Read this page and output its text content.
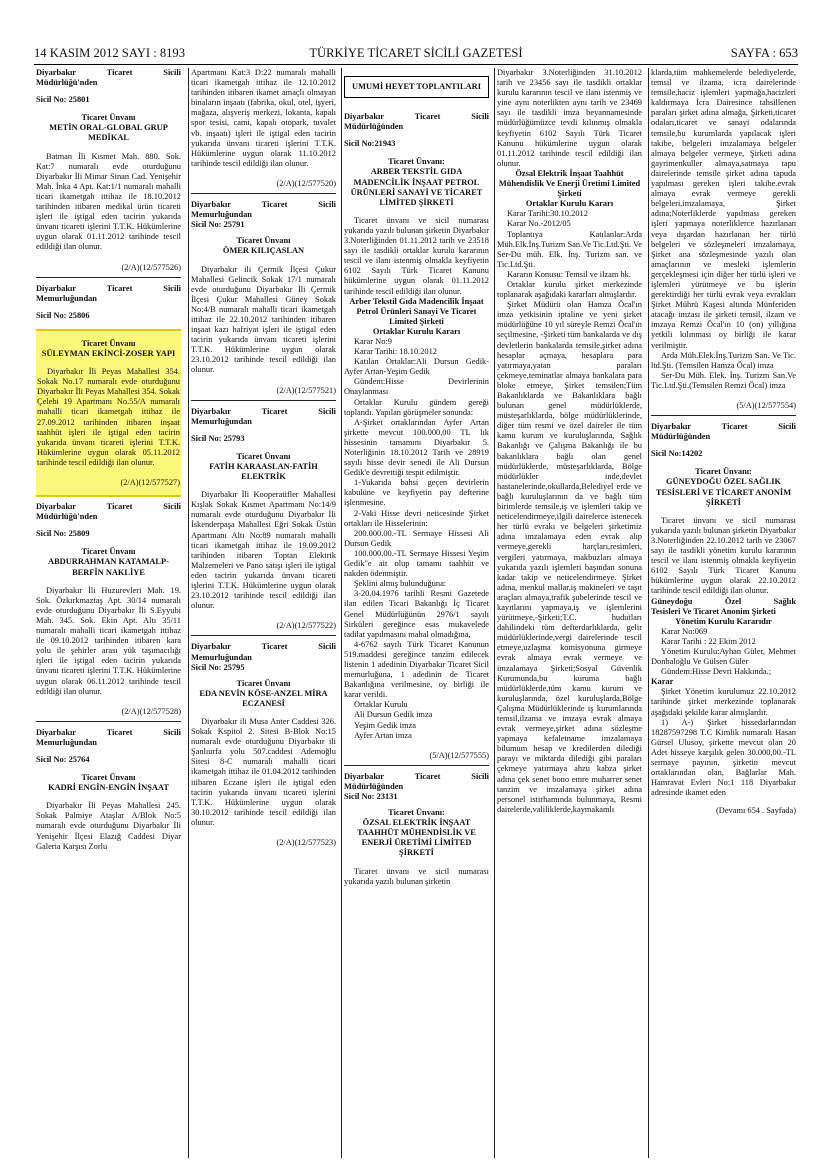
14 KASIM 2012 SAYI : 8193	TÜRKİYE TİCARET SİCİLİ GAZETESİ	SAYFA : 653
Diyarbakır Ticaret Sicili
Müdürlüğü'nden
Sicil No: 25801
Ticaret Ünvanı
METİN ORAL-GLOBAL GRUP MEDİKAL
Batman İli Kısmet Mah. 880. Sok. Kat:7 numaralı evde oturduğunu Diyarbakır İli Mimar Sinan Cad. Yenişehir Mah. İnka 4 Apt. Kat:1/1 numaralı mahalli ticari ikametgah ittihaz ile 18.10.2012 tarihinden itibaren medikal ürün ticareti işleri ile iştigal eden tacirin yukarıda ünvanı ticareti işlerini T.T.K. Hükümlerine uygun olarak 01.11.2012 tarihinde tescil edildiği ilan olunur.
(2/A)(12/577526)
Diyarbakır Ticaret Sicili
Memurluğundan
Sicil No: 25806
Ticaret Ünvanı
SÜLEYMAN EKİNCİ-ZOSER YAPI
Diyarbakır İli Peyas Mahallesi 354. Sokak No.17 numaralı evde oturduğunu Diyarbakır İli Peyas Mahallesi 354. Sokak Çelebi 19 Apartmanı No.55/A numaralı mahalli ticari ikametgah ittihaz ile 27.09.2012 tarihinden itibaren inşaat taahhüt işleri ile iştigal eden tacirin yukarıda ünvanı ticareti işlerini T.T.K. Hükümlerine uygun olarak 05.11.2012 tarihinde tescil edildiği ilan olunur.
(2/A)(12/577527)
Diyarbakır Ticaret Sicili
Müdürlüğü'nden
Sicil No: 25809
Ticaret Ünvanı
ABDURRAHMAN KATAMALP-BERFİN NAKLİYE
Diyarbakır İli Huzurevleri Mah. 19. Sok. Özkırkmaztaş Apt. 30/14 numaralı evde oturduğunu Diyarbakır İli S.Eyyubi Mah. 345. Sok. Ekin Apt. Altı 35/11 numaralı mahalli ticari ikametgah ittihaz ile 09.10.2012 tarihinden itibaren kara yolu ile şehirler arası yük taşımacılığı işleri ile iştigal eden tacirin yukarıda ünvanı ticareti işlerini T.T.K. Hükümlerine uygun olarak 06.11.2012 tarihinde tescil edildiği ilan olunur.
(2/A)(12/577528)
Diyarbakır Ticaret Sicili
Memurluğundan
Sicil No: 25764
Ticaret Ünvanı
KADRİ ENGİN-ENGİN İNŞAAT
Diyarbakır İli Peyas Mahallesi 245. Sokak Palmiye Ataşlar A/Blok No:5 numaralı evde oturduğunu Diyarbakır İli Yenişehir İlçesi Elazığ Caddesi Diyar Galeria Karşısı Zorlu
Apartmanı Kat:3 D:22 numaralı mahalli ticari ikametgah ittihaz ile 12.10.2012 tarihinden itibaren ikamet amaçlı olmayan binaların inşaatı (fabrika, okul, otel, işyeri, mağaza, alışveriş merkezi, lokanta, kapalı spor tesisi, cami, kapalı otopark, tuvalet vb. inşaatı) işleri ile iştigal eden tacirin yukarıda ünvanı ticareti işlerini T.T.K. Hükümlerine uygun olarak 11.10.2012 tarihinde tescil edildiği ilan olunur.
(2/A)(12/577520)
Diyarbakır Ticaret Sicili
Memurluğundan
Sicil No: 25791
Ticaret Ünvanı
ÖMER KILIÇASLAN
Diyarbakır ili Çermik İlçesi Çukur Mahallesi Gelincik Sokak 17/1 numaralı evde oturduğunu Diyarbakır İli Çermik İlçesi Çukur Mahallesi Güney Sokak No:4/B numaralı mahalli ticari ikametgah ittihaz ile 22.10.2012 tarihinden itibaren inşaat kazı hafriyat işleri ile iştigal eden tacirin yukarıda ünvanı ticareti işlerini T.T.K. Hükümlerine uygun olarak 23.10.2012 tarihinde tescil edildiği ilan olunur.
(2/A)(12/577521)
Diyarbakır Ticaret Sicili
Memurluğundan
Sicil No: 25793
Ticaret Ünvanı
FATİH KARAASLAN-FATİH ELEKTRİK
Diyarbakır İli Kooperatifler Mahallesi Kışlak Sokak Kısmet Apartmanı No:14/9 numaralı evde oturduğunu Diyarbakır İli İskenderpaşa Mahallesi Eğri Sokak Üstün Apartmanı Altı No:89 numaralı mahalli ticari ikametgah ittihaz ile 19.09.2012 tarihinden itibaren Toptan Elektrik Malzemeleri ve Pano satışı işleri ile iştigal eden tacirin yukarıda ünvanı ticareti işlerini T.T.K. Hükümlerine uygun olarak 23.10.2012 tarihinde tescil edildiği ilan olunur.
(2/A)(12/577522)
Diyarbakır Ticaret Sicili
Memurluğundan
Sicil No: 25795
Ticaret Ünvanı
EDA NEVİN KÖSE-ANZEL MİRA ECZANESİ
Diyarbakır ili Musa Anter Caddesi 326. Sokak Kspitol 2. Sitesi B-Blok No:15 numaralı evde oturduğunu Diyarbakır ili Şanlıurfa yolu 507.caddesi Ademoğlu Sitesi 8-C numaralı mahalli ticari ikametgah ittihaz ile 01.04.2012 tarihinden itibaren Eczane işleri ile iştigal eden tacirin yukarıda ünvanı ticareti işlerini T.T.K. Hükümlerine uygun olarak 30.10.2012 tarihinde tescil edildiği ilan olunur.
(2/A)(12/577523)
UMUMİ HEYET TOPLANTILARI
Diyarbakır Ticaret Sicili
Müdürlüğünden
Sicil No:21943
Ticaret Ünvanı:
ARBER TEKSTİL GIDA MADENCİLİK İNŞAAT PETROL ÜRÜNLERİ SANAYİ VE TİCARET LİMİTED ŞİRKETİ
Ticaret ünvanı ve sicil numarası yukarıda yazılı bulunan şirketin Diyarbakır 3.Noterliğinden 01.11.2012 tarih ve 23518 sayı ile tasdikli ortaklar kurulu kararının tescil ve ilanı istenmiş olmakla keyfiyetin 6102 Sayılı Türk Ticaret Kanunu hükümlerine uygun olarak 01.11.2012 tarihinde tescil edildiği ilan olunur.
Arber Tekstil Gıda Madencilik İnşaat Petrol Ürünleri Sanayi Ve Ticaret Limited Şirketi
Ortaklar Kurulu Kararı
Karar No:9
Karar Tarihi: 18.10.2012
Katılan Ortaklar:Ali Dursun Gedik-Ayfer Artan-Yeşim Gedik
Gündem:Hisse Devirlerinin Onaylanması
Ortaklar Kurulu gündem gereği toplandı. Yapılan görüşmeler sonunda:
A-Şirket ortaklarından Ayfer Artan şirkette mevcut 100.000,00 TL lık hissesinin tamamını Diyarbakır 5. Noterliğinin 18.10.2012 Tarih ve 28919 sayılı hisse devir senedi ile Ali Dursun Gedik'e devrettiği tespit edilmiştir.
1-Yukarıda bahsi geçen devirlerin kabulüne ve keyfiyetin pay defterine işlenmesine.
2-Vaki Hisse devri neticesinde Şirket ortakları ile Hisselerinin:
200.000.00.-TL Sermaye Hissesi Ali Dursun Gedik
100.000.00.-TL Sermaye Hissesi Yeşim Gedik"e ait olup tamamı taahhüt ve nakden ödenmiştir.
Şeklini almış bulunduğuna:
3-20.04.1976 tarihli Resmi Gazetede ilan edilen Ticari Bakanlığı İç Ticaret Genel Müdürlüğünün 2976/1 sayılı Sirküleri gereğince esas mukavelede tadilat yapılmasını mahal olmadığına,
4-6762 sayılı Türk Ticaret Kanunun 519.maddesi gereğince tanzim edilecek listenin 1 adedinin Diyarbakır Ticaret Sicil memurluğuna, 1 adedinin de Ticaret Bakanlığına verilmesine, oy birliği ile karar verildi.
Ortaklar Kurulu
Ali Dursun Gedik imza
Yeşim Gedik imza
Ayfer Artan imza
(5/A)(12/577555)
Diyarbakır Ticaret Sicili
Müdürlüğünden
Sicil No: 23131
Ticaret Ünvanı:
ÖZSAL ELEKTRİK İNŞAAT TAAHHÜT MÜHENDİSLİK VE ENERJİ ÜRETİMİ LİMİTED ŞİRKETİ
Ticaret ünvanı ve sicil numarası yukarıda yazılı bulunan şirketin
Diyarbakır 3.Noterliğinden 31.10.2012 tarih ve 23456 sayı ile tasdikli ortaklar kurulu kararının tescil ve ilanı istenmiş ve yine aynı noterlikten aynı tarih ve 23469 sayı ile tasdikli imza beyannamesinde müdürlüğümüzce tevdi kılınmış olmakla keyfiyetin 6102 Sayılı Türk Ticaret Kanunu hükümlerine uygun olarak 01.11.2012 tarihinde tescil edildiği ilan olunur.
Özsal Elektrik İnşaat Taahhüt Mühendislik Ve Enerji Üretimi Limited Şirketi
Ortaklar Kurulu Kararı
Karar Tarihi:30.10.2012
Karar No.-2012/05
Toplantıya Katılanlar:Arda Müh.Elk.İnş.Turizm San.Ve Tic.Ltd.Şti. Ve Ser-Du müh. Elk. İnş. Turizm san. ve Tic.Ltd.Şti.
Kararın Konusu: Temsil ve ilzam hk.
Ortaklar kurulu şirket merkezinde toplanarak aşağıdaki kararları almışlardır.
Şirket Müdürü olan Hamza Öcal'ın imza yetkisinin iptaline ve yeni şirket müdürlüğüne 10 yıl süreyle Remzi Öcal'ın seçilmesine, -Şirketi tüm bankalarda ve dış devletlerin bankalarda temsile,şirket adına hesaplar açmaya, hesaplara para yatırmaya,yatan paraları çekmeye,teminatlar almaya bankalara para bloke etmeye, Şirket temsilen;Tüm Bakanlıklarda ve Bakanlıklara bağlı bulunan genel müdürlüklerde, müsteşarlıklarda, bölge müdürlüklerinde, diğer tüm resmi ve özel daireler ile tüm kamu kurum ve kuruluşlarında, Sağlık Bakanlığı ve Çalışma Bakanlığı ile bu bakanlıklara bağlı olan genel müdürlüklerde, müsteşarlıklarda, Bölge müdürlükler inde,devlet hastanelerinde,okullarda,Belediyel erde ve bağlı kuruluşlarının da ve bağlı tüm birimlerde temsile,iş ve işlemleri takip ve neticelendirmeye,ilgili dairelerce istenecek her türlü evrakı ve belgeleri şirketimiz adına imzalamaya eden evrak alıp vermeye,gerekli harçları,resimleri, vergileri yatırmaya, makbuzları almaya yukarıda yazılı işlemleri başından sonuna kadar takip ve neticelendirmeye. Şirket adına, menkul mallar,iş makineleri ve taşıt araçları almaya,trafik şubelerinde tescil ve kayıtlarını yapmaya,iş ve işlemlerini yürütmeye,-Şirketi;T.C. hudutları dahilindeki tüm defterdarlıklarda, gelir müdürlüklerinde,vergi dairelerinde tescil etmeye,uzlaşma komisyonuna girmeye evrak almaya evrak vermeye ve imzalamaya Şirketi;Sosyal Güvenlik Kurumunda,bu kuruma bağlı müdürlüklerde,tüm kamu kurum ve kuruluşlarında, özel kuruluşlarda,Bölge Çalışma Müdürlüklerinde iş kurumlarında temsil,ilzama ve imzaya evrak almaya evrak vermeye,şirket adına sözleşme yapmaya kefaletname imzalamaya bilumum hesap ve kredilerden dilediği parayı ve miktarda dilediği gibi paraları çekmeye yatırmaya ahzu kabza şirket adına çek senet bono emre muharrer senet tanzim ve imzalamaya şirket adına personel istirhamında bulunmaya, Resmi dairelerde,valiliklerde,kaymakamlı
klarda,tüm mahkemelerde belediyelerde, temsil ve ilzama, icra dairelerinde temsile,haciz işlemleri yapmağa,hacizleri kaldırmaya İcra Dairesince tahsillenen paraları şirket adına almağa, Şirketi,ticaret odaları,ticaret ve sanayi odalarında temsile,bu kurumlarda yapılacak işleri takibe, belgeleri imzalamaya belgeler almaya belgeler vermeye, Şirketi adına gayrimenkuller almaya,satmaya tapu dairelerinde temsile şirket adına tapuda yapılması gereken işleri takibe.evrak almaya evrak vermeye gerekli belgeleri,imzalamaya, Şirket adına;Noterliklerde yapılması gereken işleri yapmaya noterliklerce hazırlanan veya dışardan hazırlanan her türlü belgeleri ve sözleşmeleri imzalamaya, Şirket ana sözleşmesinde yazılı olan amaçlarının ve mesleki işlemlerin gerçekleşmesi için diğer her türlü işleri ve işlemleri yürütmeye ve bu işlerin gerektirdiği her türlü evrak veya evrakları Şirket Mührü Kaşesi altında Münferiden atacağı imzası ile şirketi temsil, ilzam ve imzaya Remzi Öcal'ın 10 (on) yıllığına yetkili kılınması oy birliği ile karar verilmiştir.
Arda Müh.Elek.İnş.Turizm San. Ve Tic. ltd.Şti. (Temsilen Hamza Öcal) imza
Ser-Du Müh. Elek. İnş. Turizm San.Ve Tic.Ltd.Şti.(Temsilen Remzi Öcal) imza
(5/A)(12/577554)
Diyarbakır Ticaret Sicili
Müdürlüğünden
Sicil No:14202
Ticaret Ünvanı:
GÜNEYDOĞU ÖZEL SAĞLIK TESİSLERİ VE TİCARET ANONİM ŞİRKETİ
Ticaret ünvanı ve sicil numarası yukarıda yazılı bulunan şirketin Diyarbakır 3.Noterliğinden 22.10.2012 tarih ve 23067 sayı ile tasdikli yönetim kurulu kararının tescil ve ilanı istenmiş olmakla keyfiyetin 6102 Sayılı Türk Ticaret Kanunu hükümlerine uygun olarak 22.10.2012 tarihinde tescil edildiği ilan olunur.
Güneydoğu Özel Sağlık
Tesisleri Ve Ticaret Anonim Şirketi
Yönetim Kurulu Kararıdır
Karar No:069
Karar Tarihi : 22 Ekim 2012
Yönetim Kurulu:Ayhan Güler, Mehmet Donbaloğlu Ve Gülsen Güler
Gündem:Hisse Devri Hakkında.;
Karar
Şirket Yönetim kurulumuz 22.10.2012 tarihinde şirket merkezinde toplanarak aşağıdaki şekilde karar almışlardır.
1) A-) Şirket hissedarlarından 18287597298 T.C Kimlik numaralı Hasan Gürsel Ulusoy, şirkette mevcut olan 20 Adet hisseye karşılık gelen 30.000,00.-TL sermaye payının, şirketin mevcut ortaklarından olan, Bağlarlar Mah. Hamravat Evleri No:1 118 Diyarbakır adresinde ikamet eden
(Devamı 654 . Sayfada)
